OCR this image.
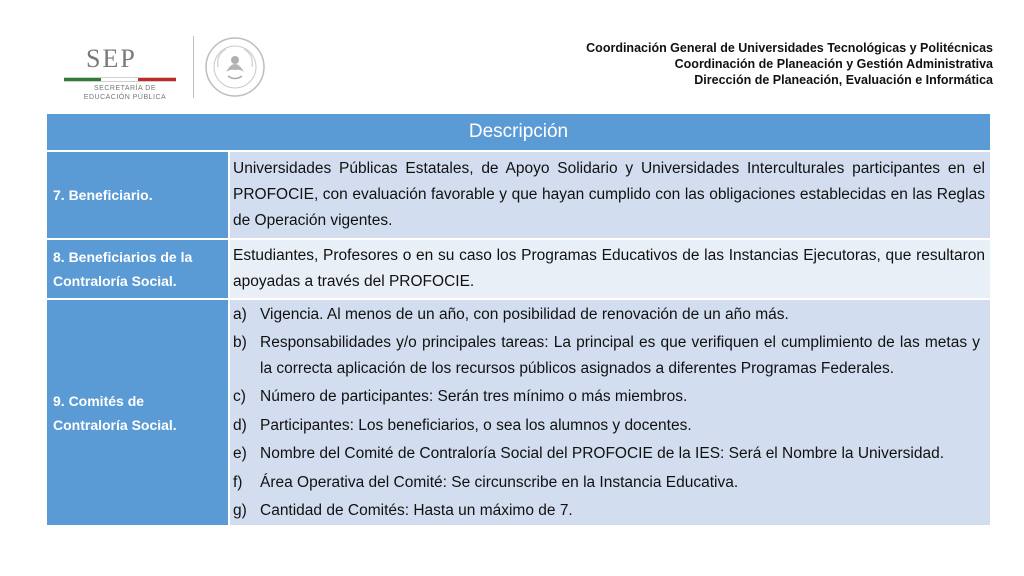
SEP
SECRETARÍA DE
EDUCACIÓN PÚBLICA
Coordinación General de Universidades Tecnológicas y Politécnicas
Coordinación de Planeación y Gestión Administrativa
Dirección de Planeación, Evaluación e Informática
Descripción
7. Beneficiario.
Universidades Públicas Estatales, de Apoyo Solidario y Universidades Interculturales participantes en el PROFOCIE, con evaluación favorable y que hayan cumplido con las obligaciones establecidas en las Reglas de Operación vigentes.
8. Beneficiarios de la
Contraloría Social.
Estudiantes, Profesores o en su caso los Programas Educativos de las Instancias Ejecutoras, que resultaron apoyadas a través del PROFOCIE.
9. Comités de
Contraloría Social.
a) Vigencia. Al menos de un año, con posibilidad de renovación de un año más.
b) Responsabilidades y/o principales tareas: La principal es que verifiquen el cumplimiento de las metas y la correcta aplicación de los recursos públicos asignados a diferentes Programas Federales.
c) Número de participantes: Serán tres mínimo o más miembros.
d) Participantes: Los beneficiarios, o sea los alumnos y docentes.
e) Nombre del Comité de Contraloría Social del PROFOCIE de la IES: Será el Nombre la Universidad.
f)	Área Operativa del Comité: Se circunscribe en la Instancia Educativa.
g) Cantidad de Comités: Hasta un máximo de 7.
